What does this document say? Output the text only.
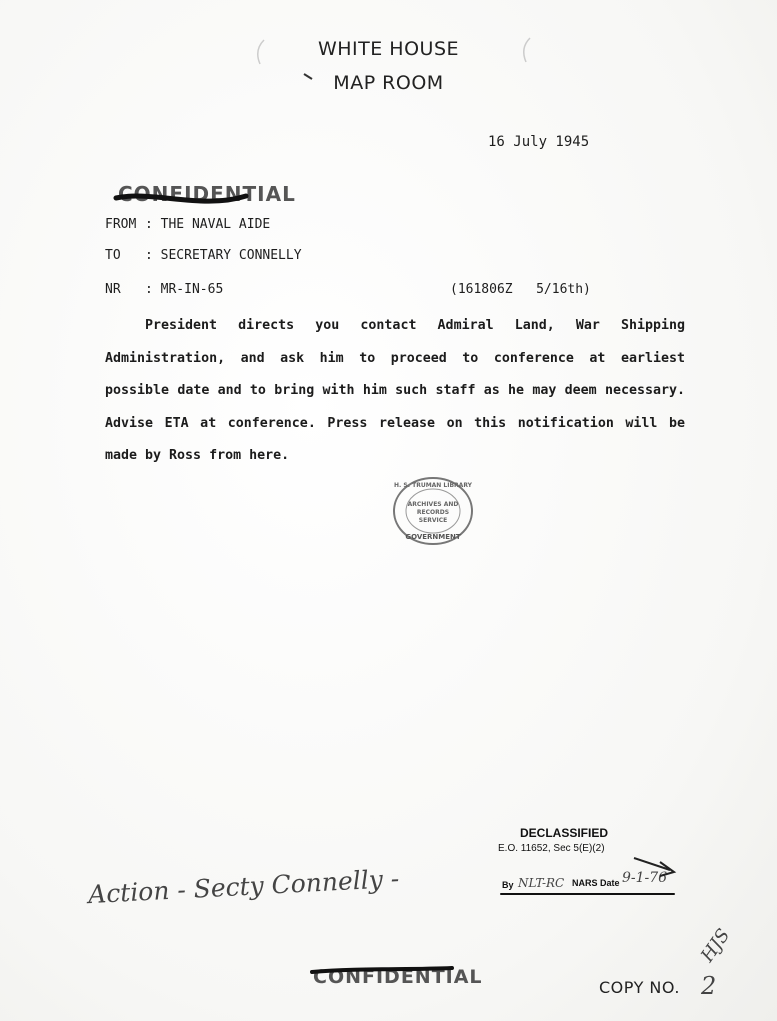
WHITE HOUSE
MAP ROOM
16 July 1945
CONFIDENTIAL
FROM : THE NAVAL AIDE
TO : SECRETARY CONNELLY
NR : MR-IN-65	(161806Z   5/16th)
President directs you contact Admiral Land, War Shipping Administration, and ask him to proceed to conference at earliest possible date and to bring with him such staff as he may deem necessary. Advise ETA at conference. Press release on this notification will be made by Ross from here.
ARCHIVES AND
RECORDS
SERVICE
GOVERNMENT
H. S. TRUMAN LIBRARY
DECLASSIFIED
E.O. 11652, Sec 5(E)(2)
By NLT-RC NARS Date 9-1-76
Action - Secty Connelly -
CONFIDENTIAL	COPY NO. 2
HJS
